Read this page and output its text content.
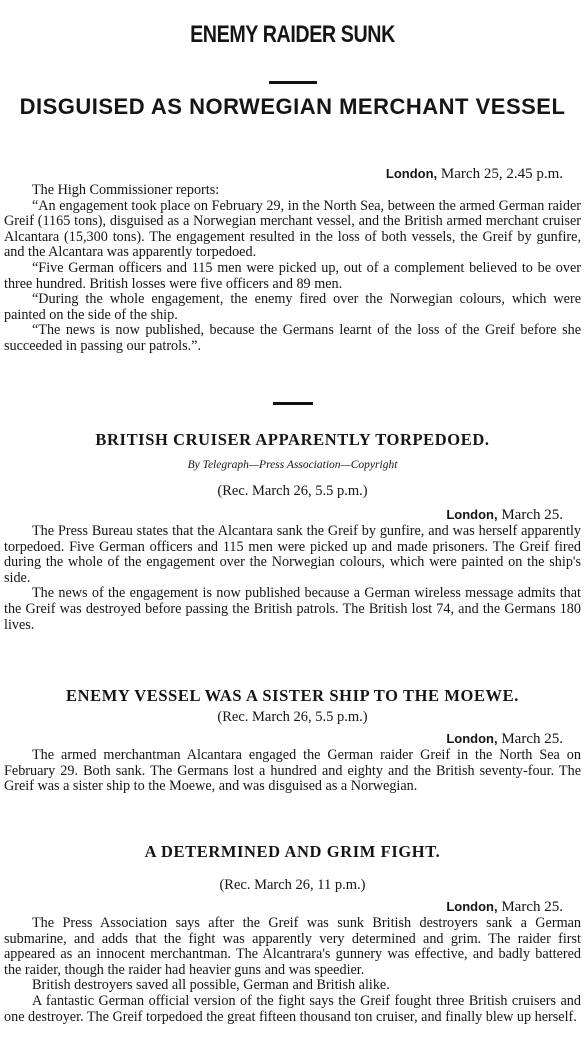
ENEMY RAIDER SUNK
DISGUISED AS NORWEGIAN MERCHANT VESSEL

London, March 25, 2.45 p.m.

The High Commissioner reports:

“An engagement took place on February 29, in the North Sea, between the armed German raider Greif (1165 tons), disguised as a Norwegian merchant vessel, and the British armed merchant cruiser Alcantara (15,300 tons). The engagement resulted in the loss of both vessels, the Greif by gunfire, and the Alcantara was apparently torpedoed.

“Five German officers and 115 men were picked up, out of a complement believed to be over three hundred. British losses were five officers and 89 men.

“During the whole engagement, the enemy fired over the Norwegian colours, which were painted on the side of the ship.

“The news is now published, because the Germans learnt of the loss of the Greif before she succeeded in passing our patrols.”.

BRITISH CRUISER APPARENTLY TORPEDOED.

By Telegraph—Press Association—Copyright

(Rec. March 26, 5.5 p.m.)

London, March 25.

The Press Bureau states that the Alcantara sank the Greif by gunfire, and was herself apparently torpedoed. Five German officers and 115 men were picked up and made prisoners. The Greif fired during the whole of the engagement over the Norwegian colours, which were painted on the ship's side.

The news of the engagement is now published because a German wireless message admits that the Greif was destroyed before passing the British patrols. The British lost 74, and the Germans 180 lives.

ENEMY VESSEL WAS A SISTER SHIP TO THE MOEWE.

(Rec. March 26, 5.5 p.m.)

London, March 25.

The armed merchantman Alcantara engaged the German raider Greif in the North Sea on February 29. Both sank. The Germans lost a hundred and eighty and the British seventy-four. The Greif was a sister ship to the Moewe, and was disguised as a Norwegian.

A DETERMINED AND GRIM FIGHT.

(Rec. March 26, 11 p.m.)

London, March 25.

The Press Association says after the Greif was sunk British destroyers sank a German submarine, and adds that the fight was apparently very determined and grim. The raider first appeared as an innocent merchantman. The Alcantrara's gunnery was effective, and badly battered the raider, though the raider had heavier guns and was speedier.

British destroyers saved all possible, German and British alike.

A fantastic German official version of the fight says the Greif fought three British cruisers and one destroyer. The Greif torpedoed the great fifteen thousand ton cruiser, and finally blew up herself.
